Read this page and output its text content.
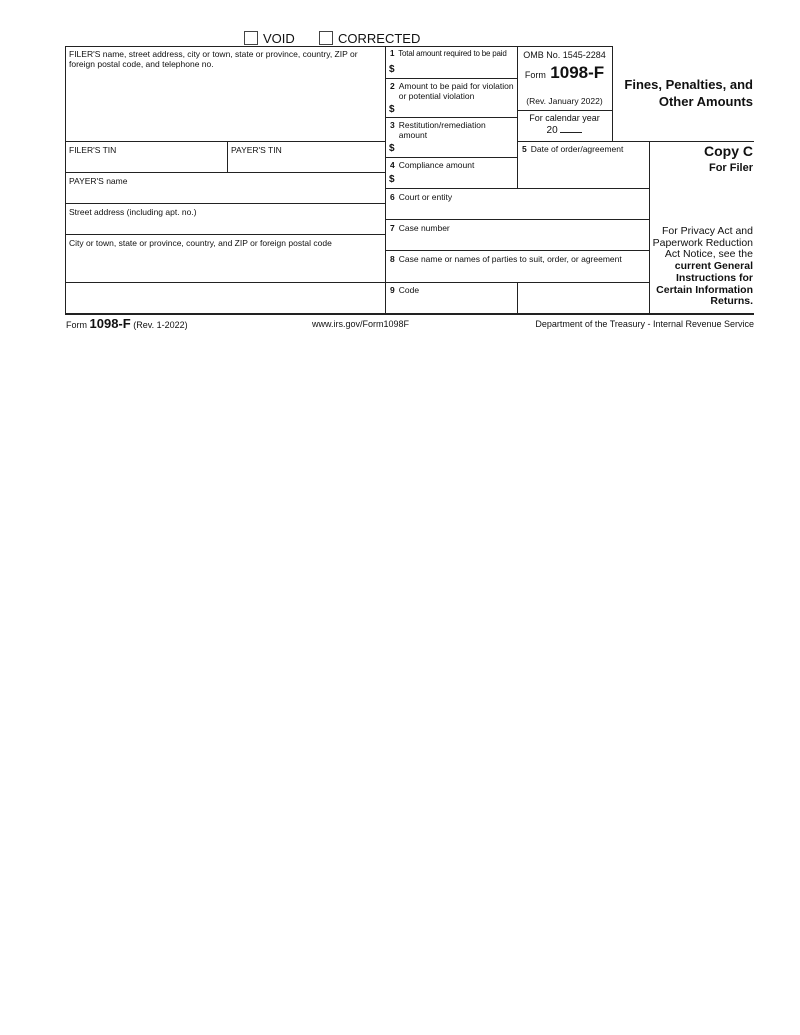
VOID	CORRECTED
FILER'S name, street address, city or town, state or province, country, ZIP or foreign postal code, and telephone no.
FILER'S TIN	PAYER'S TIN
PAYER'S name
Street address (including apt. no.)
City or town, state or province, country, and ZIP or foreign postal code
1 Total amount required to be paid
$
2 Amount to be paid for violation or potential violation
$
3 Restitution/remediation amount
$
4 Compliance amount
$
5 Date of order/agreement
6 Court or entity
7 Case number
8 Case name or names of parties to suit, order, or agreement
9 Code
OMB No. 1545-2284
Form 1098-F
(Rev. January 2022)
For calendar year
20
Fines, Penalties, and
Other Amounts
Copy C
For Filer
For Privacy Act and
Paperwork Reduction
Act Notice, see the
current General
Instructions for
Certain Information
Returns.
Form 1098-F (Rev. 1-2022)	www.irs.gov/Form1098F	Department of the Treasury - Internal Revenue Service
